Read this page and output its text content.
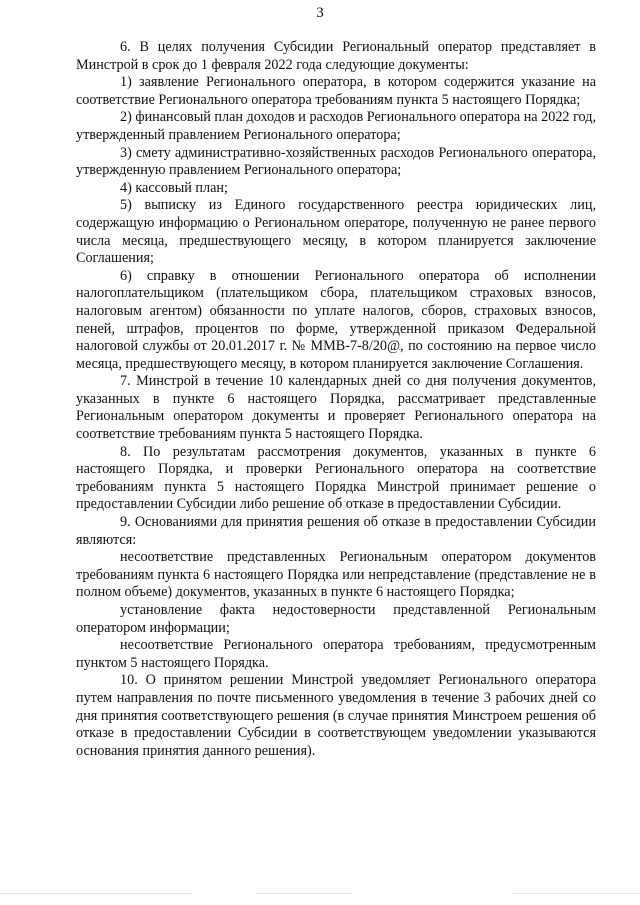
3

6. В целях получения Субсидии Региональный оператор представляет в Минстрой в срок до 1 февраля 2022 года следующие документы:

1) заявление Регионального оператора, в котором содержится указание на соответствие Регионального оператора требованиям пункта 5 настоящего Порядка;

2) финансовый план доходов и расходов Регионального оператора на 2022 год, утвержденный правлением Регионального оператора;

3) смету административно-хозяйственных расходов Регионального оператора, утвержденную правлением Регионального оператора;

4) кассовый план;

5) выписку из Единого государственного реестра юридических лиц, содержащую информацию о Региональном операторе, полученную не ранее первого числа месяца, предшествующего месяцу, в котором планируется заключение Соглашения;

6) справку в отношении Регионального оператора об исполнении налогоплательщиком (плательщиком сбора, плательщиком страховых взносов, налоговым агентом) обязанности по уплате налогов, сборов, страховых взносов, пеней, штрафов, процентов по форме, утвержденной приказом Федеральной налоговой службы от 20.01.2017 г. № ММВ-7-8/20@, по состоянию на первое число месяца, предшествующего месяцу, в котором планируется заключение Соглашения.

7. Минстрой в течение 10 календарных дней со дня получения документов, указанных в пункте 6 настоящего Порядка, рассматривает представленные Региональным оператором документы и проверяет Регионального оператора на соответствие требованиям пункта 5 настоящего Порядка.

8. По результатам рассмотрения документов, указанных в пункте 6 настоящего Порядка, и проверки Регионального оператора на соответствие требованиям пункта 5 настоящего Порядка Минстрой принимает решение о предоставлении Субсидии либо решение об отказе в предоставлении Субсидии.

9. Основаниями для принятия решения об отказе в предоставлении Субсидии являются:

несоответствие представленных Региональным оператором документов требованиям пункта 6 настоящего Порядка или непредставление (представление не в полном объеме) документов, указанных в пункте 6 настоящего Порядка;

установление факта недостоверности представленной Региональным оператором информации;

несоответствие Регионального оператора требованиям, предусмотренным пунктом 5 настоящего Порядка.

10. О принятом решении Минстрой уведомляет Регионального оператора путем направления по почте письменного уведомления в течение 3 рабочих дней со дня принятия соответствующего решения (в случае принятия Минстроем решения об отказе в предоставлении Субсидии в соответствующем уведомлении указываются основания принятия данного решения).
